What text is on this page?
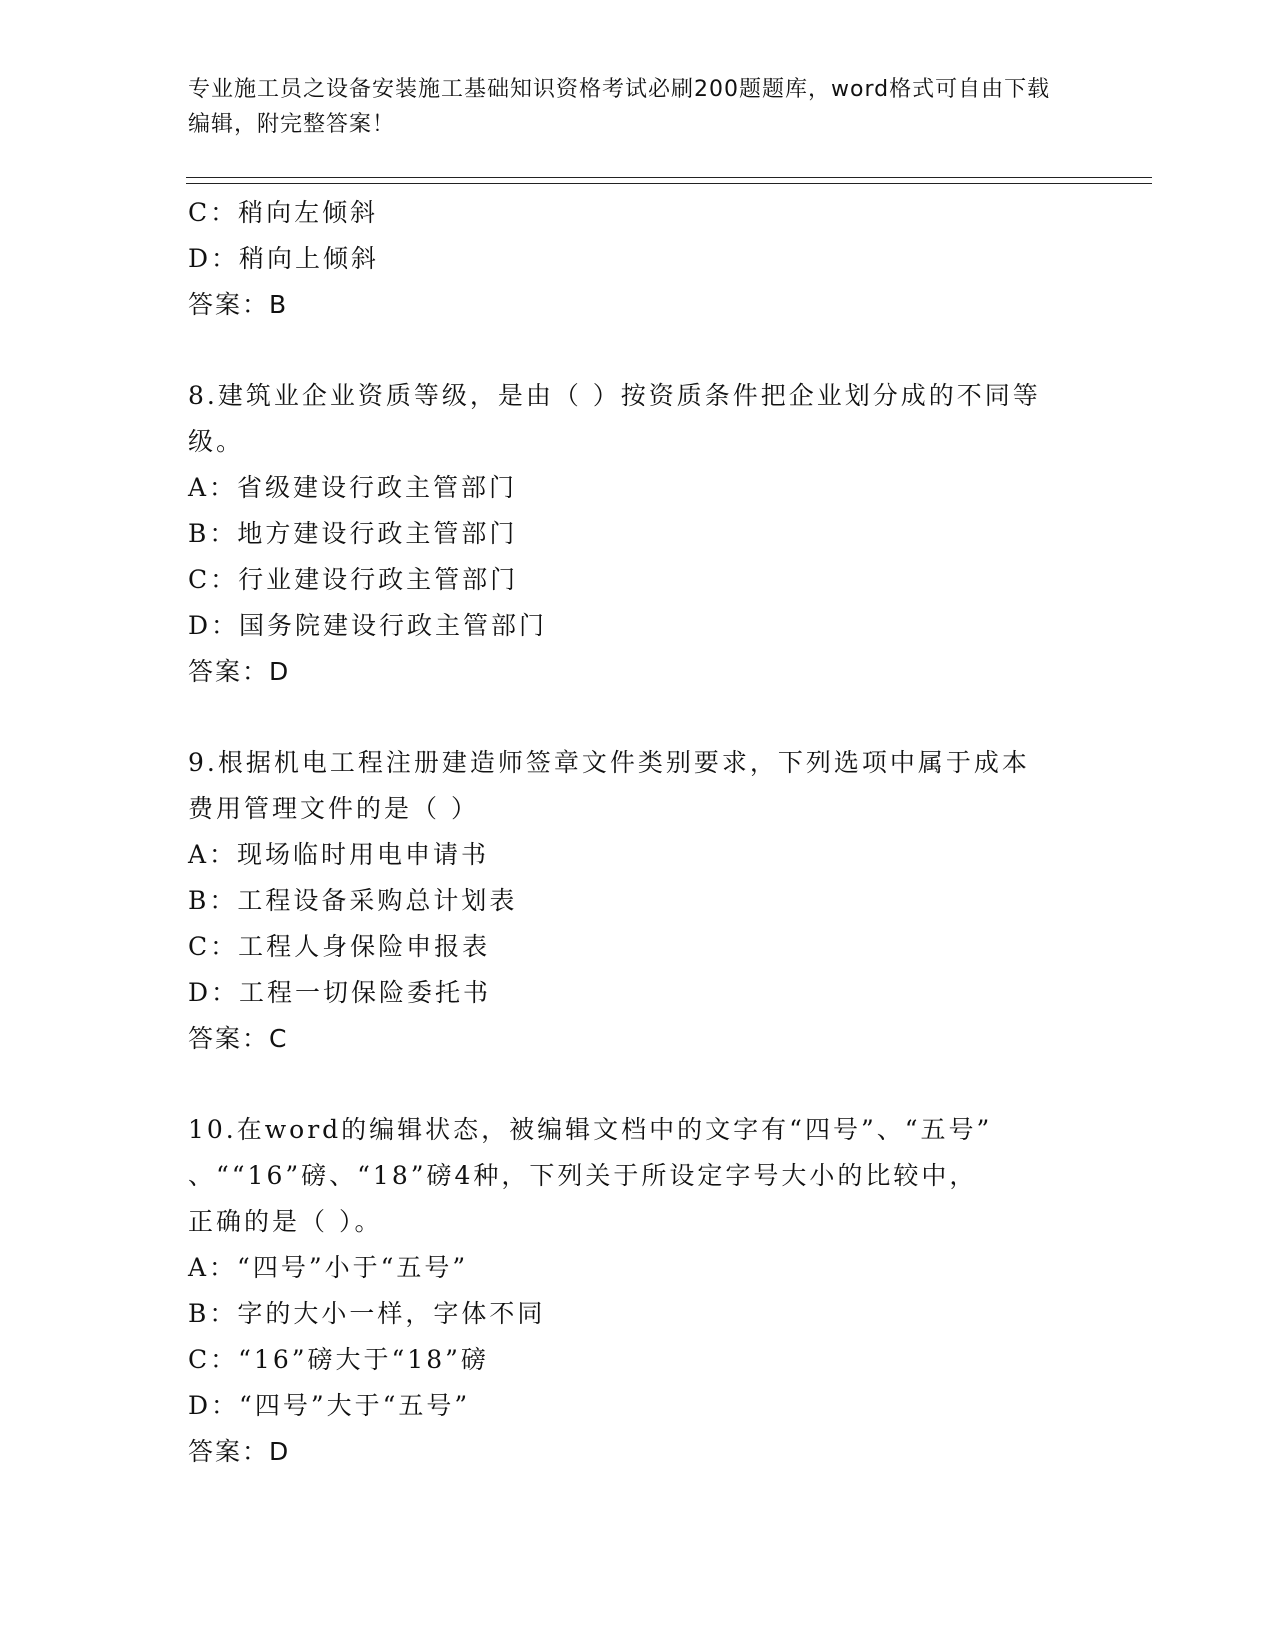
专业施工员之设备安装施工基础知识资格考试必刷200题题库，word格式可自由下载编辑，附完整答案！
C：稍向左倾斜
D：稍向上倾斜
答案：B
8.建筑业企业资质等级，是由（ ）按资质条件把企业划分成的不同等
级。
A：省级建设行政主管部门
B：地方建设行政主管部门
C：行业建设行政主管部门
D：国务院建设行政主管部门
答案：D
9.根据机电工程注册建造师签章文件类别要求，下列选项中属于成本
费用管理文件的是（ ）
A：现场临时用电申请书
B：工程设备采购总计划表
C：工程人身保险申报表
D：工程一切保险委托书
答案：C
10.在word的编辑状态，被编辑文档中的文字有“四号”、“五号”
、““16”磅、“18”磅4种，下列关于所设定字号大小的比较中，
正确的是（ ）。
A：“四号”小于“五号”
B：字的大小一样，字体不同
C：“16”磅大于“18”磅
D：“四号”大于“五号”
答案：D
